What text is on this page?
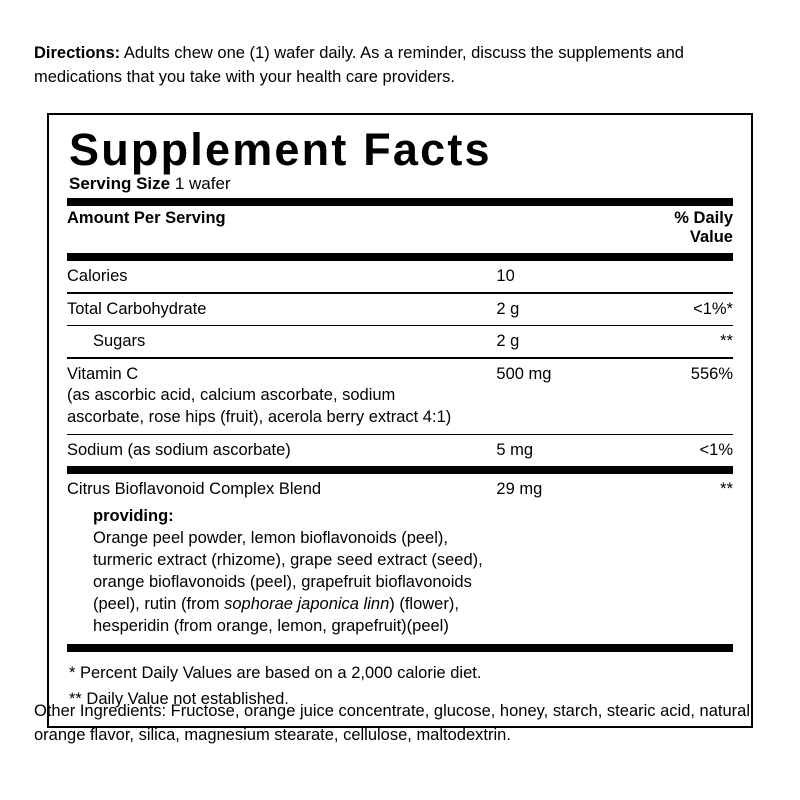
Directions: Adults chew one (1) wafer daily. As a reminder, discuss the supplements and medications that you take with your health care providers.
Supplement Facts
Serving Size 1 wafer
Amount Per Serving		% Daily Value

Calories	10	

Total Carbohydrate	2 g	<1%*

Sugars	2 g	**

Vitamin C
(as ascorbic acid, calcium ascorbate, sodium
ascorbate, rose hips (fruit), acerola berry extract 4:1)	500 mg	556%

Sodium (as sodium ascorbate)	5 mg	<1%

Citrus Bioflavonoid Complex Blend	29 mg	**

providing:
Orange peel powder, lemon bioflavonoids (peel),
turmeric extract (rhizome), grape seed extract (seed),
orange bioflavonoids (peel), grapefruit bioflavonoids
(peel), rutin (from sophorae japonica linn) (flower),
hesperidin (from orange, lemon, grapefruit)(peel)

* Percent Daily Values are based on a 2,000 calorie diet.
** Daily Value not established.
Other Ingredients: Fructose, orange juice concentrate, glucose, honey, starch, stearic acid, natural orange flavor, silica, magnesium stearate, cellulose, maltodextrin.
